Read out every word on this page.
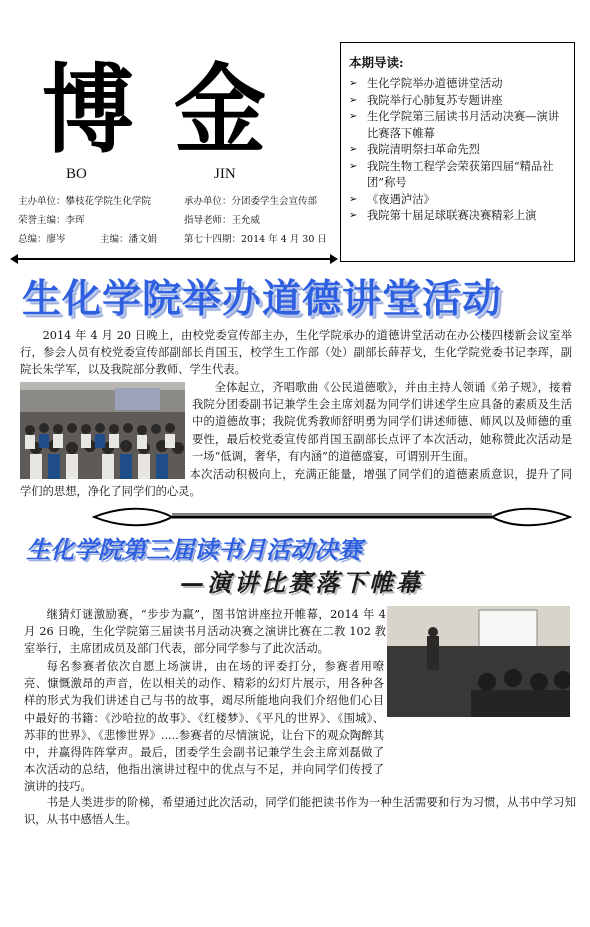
博 金
BO	JIN
主办单位：攀枝花学院生化学院	承办单位：分团委学生会宣传部
荣誉主编：李珲	指导老师：王允威
总编：廖岑	主编：潘文娟	第七十四期：2014 年 4 月 30 日
本期导读:
➢ 生化学院举办道德讲堂活动
➢ 我院举行心肺复苏专题讲座
➢ 生化学院第三届读书月活动决赛—演讲比赛落下帷幕
➢ 我院清明祭扫革命先烈
➢ 我院生物工程学会荣获第四届“精品社团”称号
➢ 《夜遇泸沽》
➢ 我院第十届足球联赛决赛精彩上演
生化学院举办道德讲堂活动
2014 年 4 月 20 日晚上，由校党委宣传部主办，生化学院承办的道德讲堂活动在办公楼四楼新会议室举行，参会人员有校党委宣传部副部长肖国玉，校学生工作部（处）副部长薛荐戈，生化学院党委书记李珲，副院长朱学军，以及我院部分教师、学生代表。
全体起立，齐唱歌曲《公民道德歌》，并由主持人领诵《弟子规》，接着我院分团委副书记兼学生会主席刘磊为同学们讲述学生应具备的素质及生活中的道德故事；我院优秀教师舒明勇为同学们讲述师德、师风以及师德的重要性，最后校党委宣传部肖国玉副部长点评了本次活动，她称赞此次活动是一场“低调，奢华，有内涵”的道德盛宴，可谓别开生面。
本次活动积极向上，充满正能量，增强了同学们的道德素质意识，提升了同学们的思想，净化了同学们的心灵。
生化学院第三届读书月活动决赛
—演讲比赛落下帷幕
继猜灯谜激励赛，“步步为赢”，图书馆讲座拉开帷幕，2014 年 4 月 26 日晚，生化学院第三届读书月活动决赛之演讲比赛在二教 102 教室举行，主席团成员及部门代表，部分同学参与了此次活动。
每名参赛者依次自愿上场演讲，由在场的评委打分，参赛者用嘹亮、慷慨激昂的声音，佐以相关的动作、精彩的幻灯片展示，用各种各样的形式为我们讲述自己与书的故事，竭尽所能地向我们介绍他们心目中最好的书籍：《沙哈拉的故事》、《红楼梦》、《平凡的世界》、《围城》、苏菲的世界》、《悲惨世界》.....参赛者的尽情演说，让台下的观众陶醉其中，并赢得阵阵掌声。最后，团委学生会副书记兼学生会主席刘磊做了本次活动的总结，他指出演讲过程中的优点与不足，并向同学们传授了演讲的技巧。
书是人类进步的阶梯，希望通过此次活动，同学们能把读书作为一种生活需要和行为习惯，从书中学习知识，从书中感悟人生。
